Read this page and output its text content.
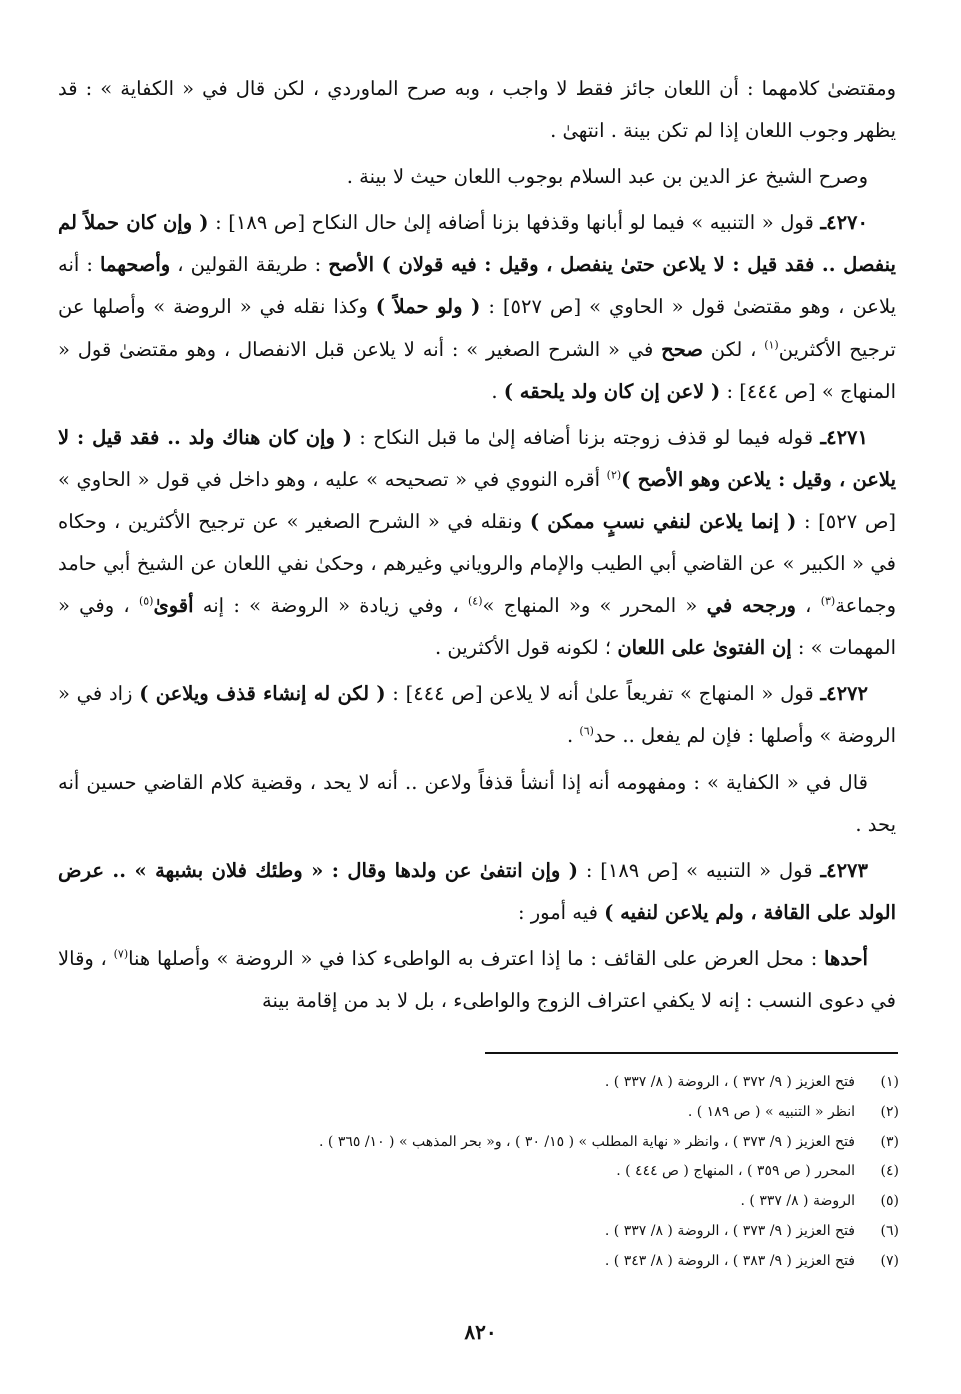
ومقتضىٰ كلامهما : أن اللعان جائز فقط لا واجب ، وبه صرح الماوردي ، لكن قال في « الكفاية » : قد يظهر وجوب اللعان إذا لم تكن بينة . انتهىٰ .

وصرح الشيخ عز الدين بن عبد السلام بوجوب اللعان حيث لا بينة .

٤٢٧٠ـ قول « التنبيه » فيما لو أبانها وقذفها بزنا أضافه إلىٰ حال النكاح [ص ١٨٩] : ( وإن كان حملاً لم ينفصل .. فقد قيل : لا يلاعن حتىٰ ينفصل ، وقيل : فيه قولان ) الأصح : طريقة القولين ، وأصحهما : أنه يلاعن ، وهو مقتضىٰ قول « الحاوي » [ص ٥٢٧] : ( ولو حملاً ) وكذا نقله في « الروضة » وأصلها عن ترجيح الأكثرين$^{(١)}$ ، لكن صحح في « الشرح الصغير » : أنه لا يلاعن قبل الانفصال ، وهو مقتضىٰ قول « المنهاج » [ص ٤٤٤] : ( لاعن إن كان ولد يلحقه ) .

٤٢٧١ـ قوله فيما لو قذف زوجته بزنا أضافه إلىٰ ما قبل النكاح : ( وإن كان هناك ولد .. فقد قيل : لا يلاعن ، وقيل : يلاعن وهو الأصح )$^{(٢)}$ أقره النووي في « تصحيحه » عليه ، وهو داخل في قول « الحاوي » [ص ٥٢٧] : ( إنما يلاعن لنفي نسبٍ ممكن ) ونقله في « الشرح الصغير » عن ترجيح الأكثرين ، وحكاه في « الكبير » عن القاضي أبي الطيب والإمام والروياني وغيرهم ، وحكىٰ نفي اللعان عن الشيخ أبي حامد وجماعة$^{(٣)}$ ، ورجحه في « المحرر » و« المنهاج »$^{(٤)}$ ، وفي زيادة « الروضة » : إنه أقوىٰ$^{(٥)}$ ، وفي « المهمات » : إن الفتوىٰ على اللعان ؛ لكونه قول الأكثرين .

٤٢٧٢ـ قول « المنهاج » تفريعاً علىٰ أنه لا يلاعن [ص ٤٤٤] : ( لكن له إنشاء قذف ويلاعن ) زاد في « الروضة » وأصلها : فإن لم يفعل .. حد$^{(٦)}$ .

قال في « الكفاية » : ومفهومه أنه إذا أنشأ قذفاً ولاعن .. أنه لا يحد ، وقضية كلام القاضي حسين أنه يحد .

٤٢٧٣ـ قول « التنبيه » [ص ١٨٩] : ( وإن انتفىٰ عن ولدها وقال : « وطئك فلان بشبهة » .. عرض الولد على القافة ، ولم يلاعن لنفيه ) فيه أمور :

أحدها : محل العرض على القائف : ما إذا اعترف به الواطىء كذا في « الروضة » وأصلها هنا$^{(٧)}$ ، وقالا في دعوى النسب : إنه لا يكفي اعتراف الزوج والواطىء ، بل لا بد من إقامة بينة

(١)
فتح العزيز ( ٩/ ٣٧٢ ) ، الروضة ( ٨/ ٣٣٧ ) .
(٢)
انظر « التنبيه » ( ص ١٨٩ ) .
(٣)
فتح العزيز ( ٩/ ٣٧٣ ) ، وانظر « نهاية المطلب » ( ١٥/ ٣٠ ) ، و« بحر المذهب » ( ١٠/ ٣٦٥ ) .
(٤)
المحرر ( ص ٣٥٩ ) ، المنهاج ( ص ٤٤٤ ) .
(٥)
الروضة ( ٨/ ٣٣٧ ) .
(٦)
فتح العزيز ( ٩/ ٣٧٣ ) ، الروضة ( ٨/ ٣٣٧ ) .
(٧)
فتح العزيز ( ٩/ ٣٨٣ ) ، الروضة ( ٨/ ٣٤٣ ) .
٨٢٠
